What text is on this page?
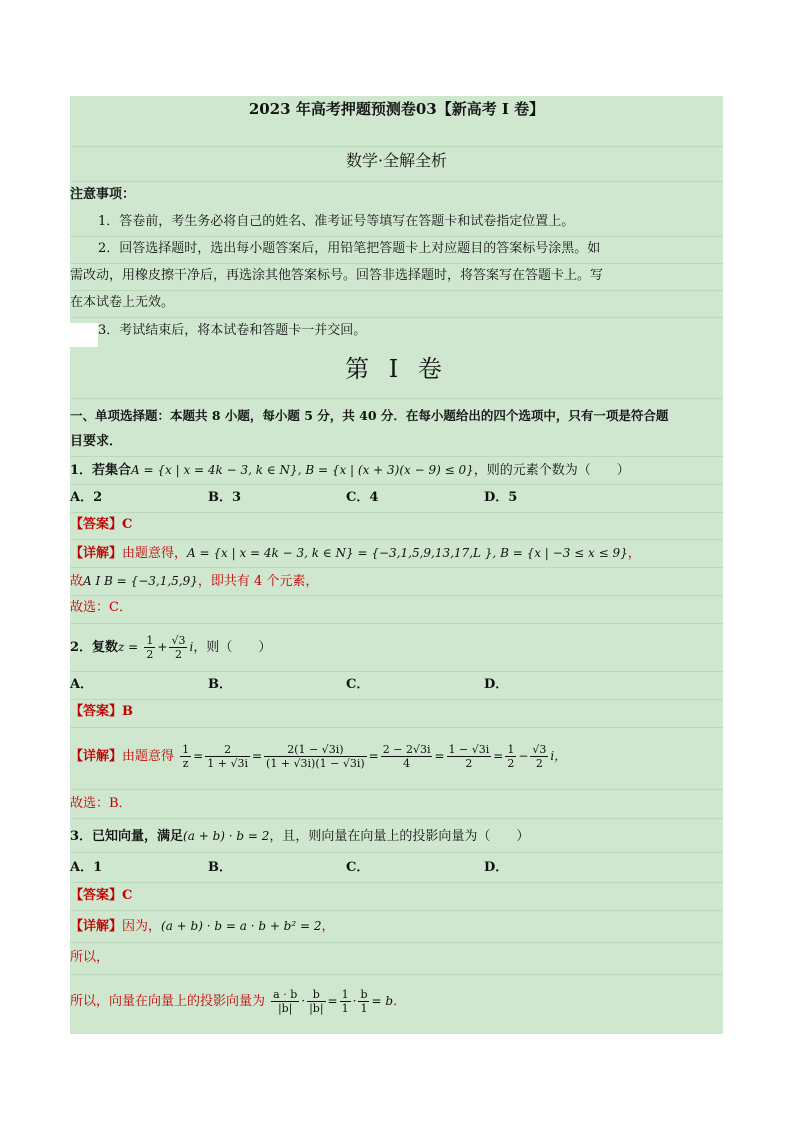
2023 年高考押题预测卷03【新高考 I 卷】
数学·全解全析
注意事项：
1．答卷前，考生务必将自己的姓名、准考证号等填写在答题卡和试卷指定位置上。
2．回答选择题时，选出每小题答案后，用铅笔把答题卡上对应题目的答案标号涂黑。如
需改动，用橡皮擦干净后，再选涂其他答案标号。回答非选择题时，将答案写在答题卡上。写
在本试卷上无效。
3．考试结束后，将本试卷和答题卡一并交回。
第 I 卷
一、单项选择题：本题共 8 小题，每小题 5 分，共 40 分．在每小题给出的四个选项中，只有一项是符合题
目要求．
1．若集合A = {x | x = 4k − 3, k ∈ N}, B = {x | (x + 3)(x − 9) ≤ 0}，则的元素个数为（　　）
A．2	B．3	C．4	D．5
【答案】C
【详解】由题意得，A = {x | x = 4k − 3, k ∈ N} = {−3,1,5,9,13,17,L }, B = {x | −3 ≤ x ≤ 9}，
故A I B = {−3,1,5,9}，即共有 4 个元素，
故选：C．
2．复数$z = \frac{1}{2} + \frac{√3}{2}$ i，则（　　）
A．	B．	C．	D．
【答案】B
【详解】由题意得 $\frac{1}{z} = \frac{2}{1 + √3i} = \frac{2(1 - √3i)}{(1 + √3i)(1 - √3i)} = \frac{2 - 2√3i}{4} = \frac{1 - √3i}{2} = \frac{1}{2} - \frac{√3}{2}$ i，
故选：B．
3．已知向量，满足(a + b) · b = 2，且，则向量在向量上的投影向量为（　　）
A．1	B．	C．	D．
【答案】C
【详解】因为，(a + b) · b = a · b + b² = 2，
所以，
所以，向量在向量上的投影向量为 $\frac{a \cdot b}{|b|} \cdot \frac{b}{|b|} = \frac{1}{1} \cdot \frac{b}{1} = b$．
